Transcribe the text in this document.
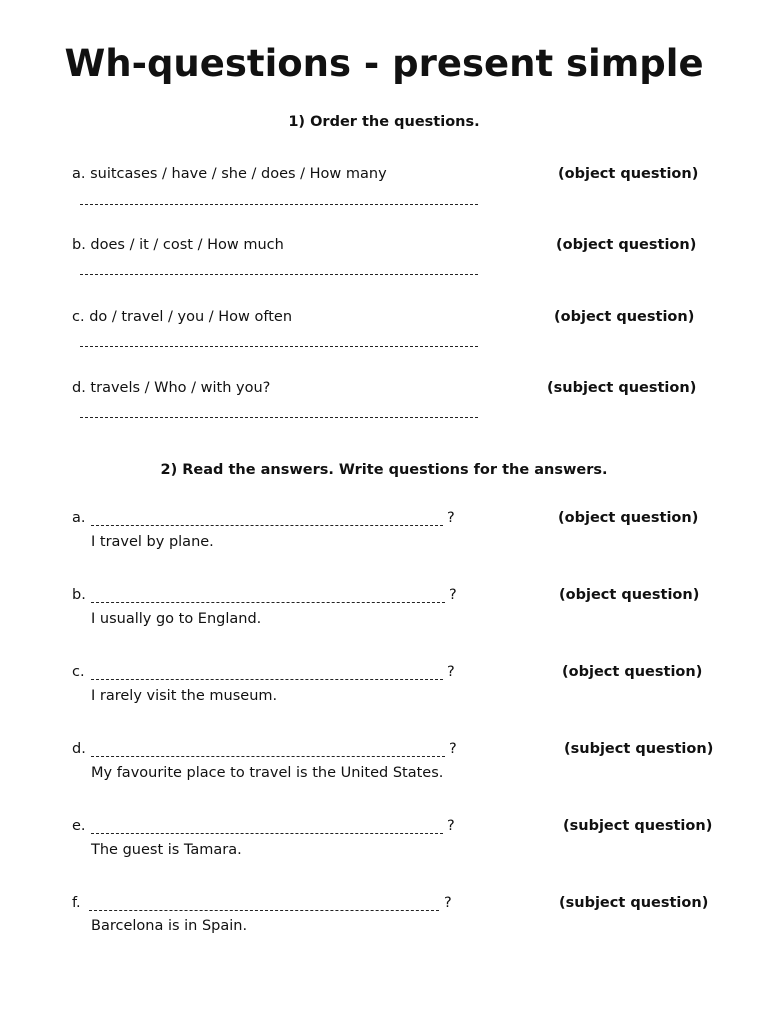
Wh-questions - present simple
1) Order the questions.
a. suitcases / have / she / does / How many	(object question)
b. does / it / cost / How much	(object question)
c. do / travel / you / How often	(object question)
d. travels / Who / with you?	(subject question)
2) Read the answers. Write questions for the answers.
a.	?	(object question)
I travel by plane.
b.	?	(object question)
I usually go to England.
c.	?	(object question)
I rarely visit the museum.
d.	?	(subject question)
My favourite place to travel is the United States.
e.	?	(subject question)
The guest is Tamara.
f.	?	(subject question)
Barcelona is in Spain.
